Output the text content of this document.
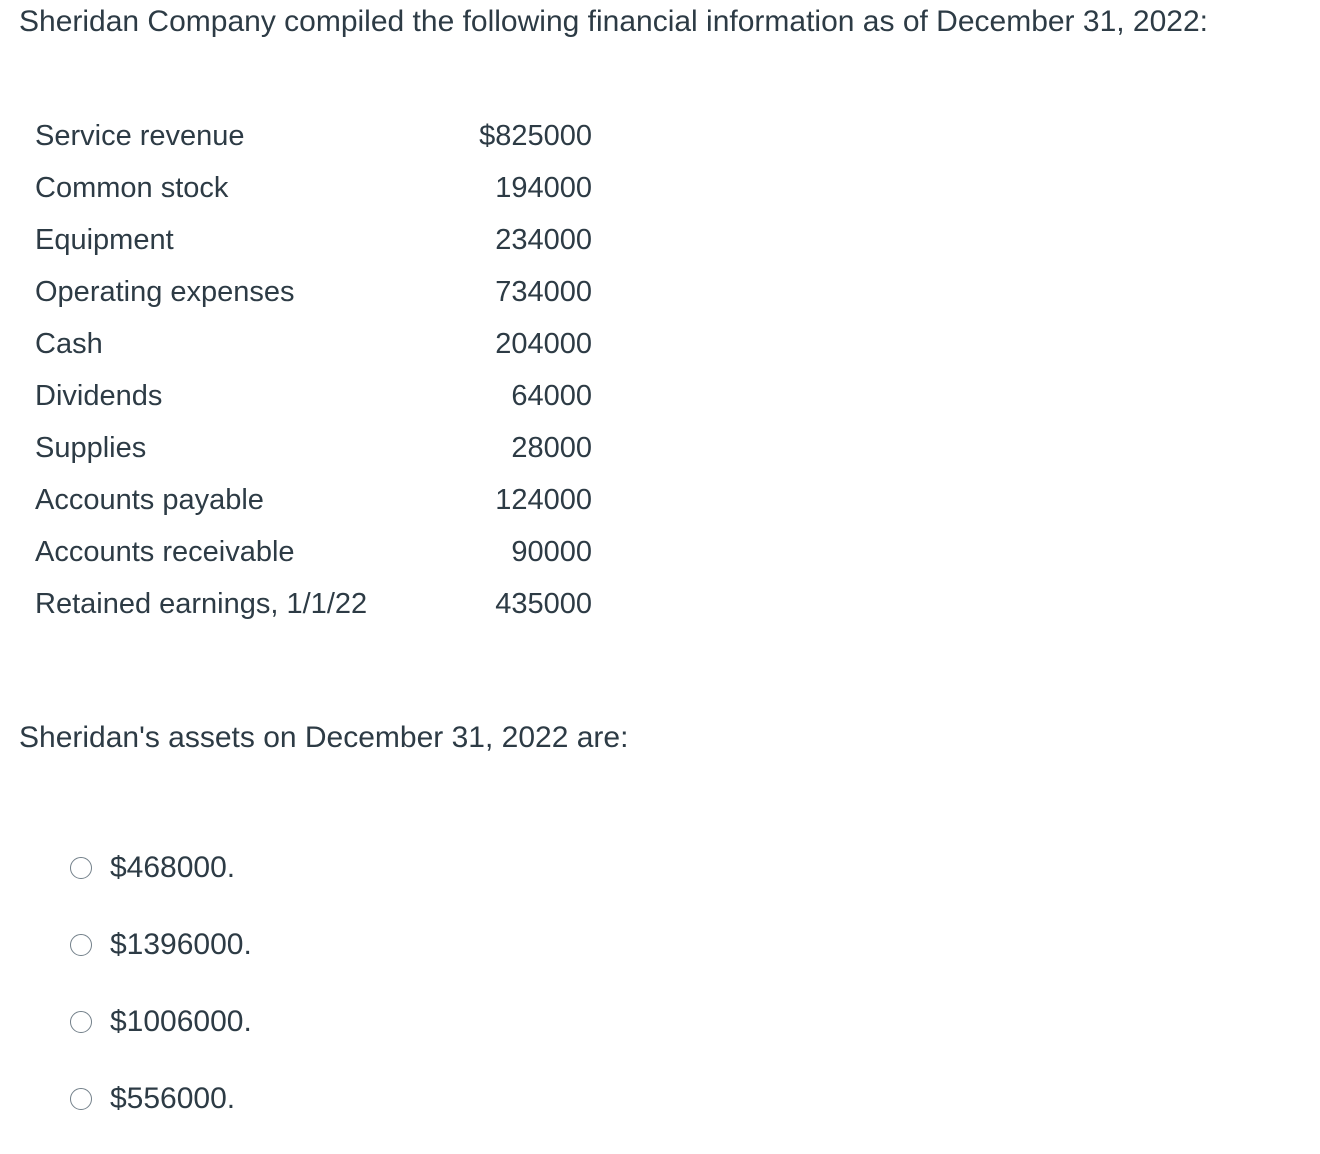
Sheridan Company compiled the following financial information as of December 31, 2022:

Service revenue	$825000
Common stock	194000
Equipment	234000
Operating expenses	734000
Cash	204000
Dividends	64000
Supplies	28000
Accounts payable	124000
Accounts receivable	90000
Retained earnings, 1/1/22	435000

Sheridan's assets on December 31, 2022 are:

$468000.
$1396000.
$1006000.
$556000.
